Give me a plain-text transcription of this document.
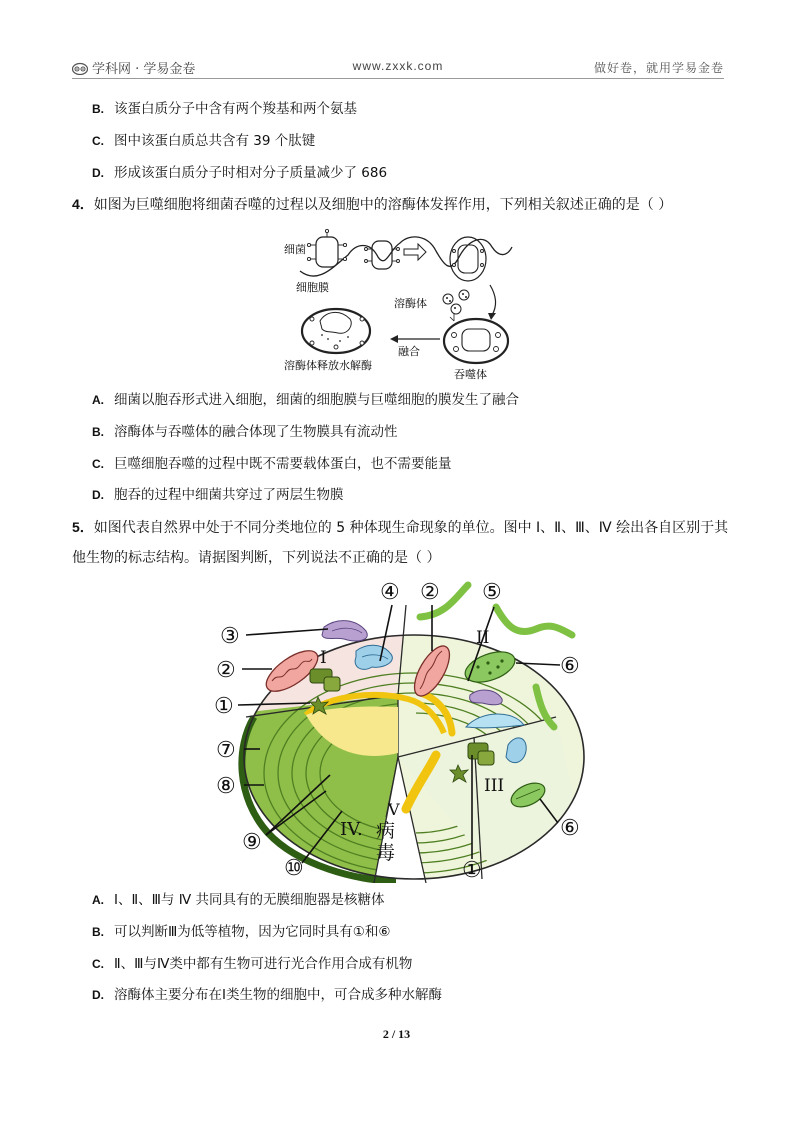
学科网 · 学易金卷	www.zxxk.com	做好卷，就用学易金卷
B. 该蛋白质分子中含有两个羧基和两个氨基
C. 图中该蛋白质总共含有 39 个肽键
D. 形成该蛋白质分子时相对分子质量减少了 686
4．如图为巨噬细胞将细菌吞噬的过程以及细胞中的溶酶体发挥作用，下列相关叙述正确的是（ ）
细菌
细胞膜
溶酶体
融合
吞噬体
溶酶体释放水解酶
A. 细菌以胞吞形式进入细胞，细菌的细胞膜与巨噬细胞的膜发生了融合
B. 溶酶体与吞噬体的融合体现了生物膜具有流动性
C. 巨噬细胞吞噬的过程中既不需要载体蛋白，也不需要能量
D. 胞吞的过程中细菌共穿过了两层生物膜
5．如图代表自然界中处于不同分类地位的 5 种体现生命现象的单位。图中 Ⅰ、Ⅱ、Ⅲ、Ⅳ 绘出各自区别于其
他生物的标志结构。请据图判断，下列说法不正确的是（ ）
③
②
①
⑦
⑧
⑨
⑩
④ ② ⑤
⑥
⑥
①
I
II
III
IV.
V
病
毒
A. Ⅰ、Ⅱ、Ⅲ与 Ⅳ 共同具有的无膜细胞器是核糖体
B. 可以判断Ⅲ为低等植物，因为它同时具有①和⑥
C. Ⅱ、Ⅲ与Ⅳ类中都有生物可进行光合作用合成有机物
D. 溶酶体主要分布在Ⅰ类生物的细胞中，可合成多种水解酶
2 / 13
